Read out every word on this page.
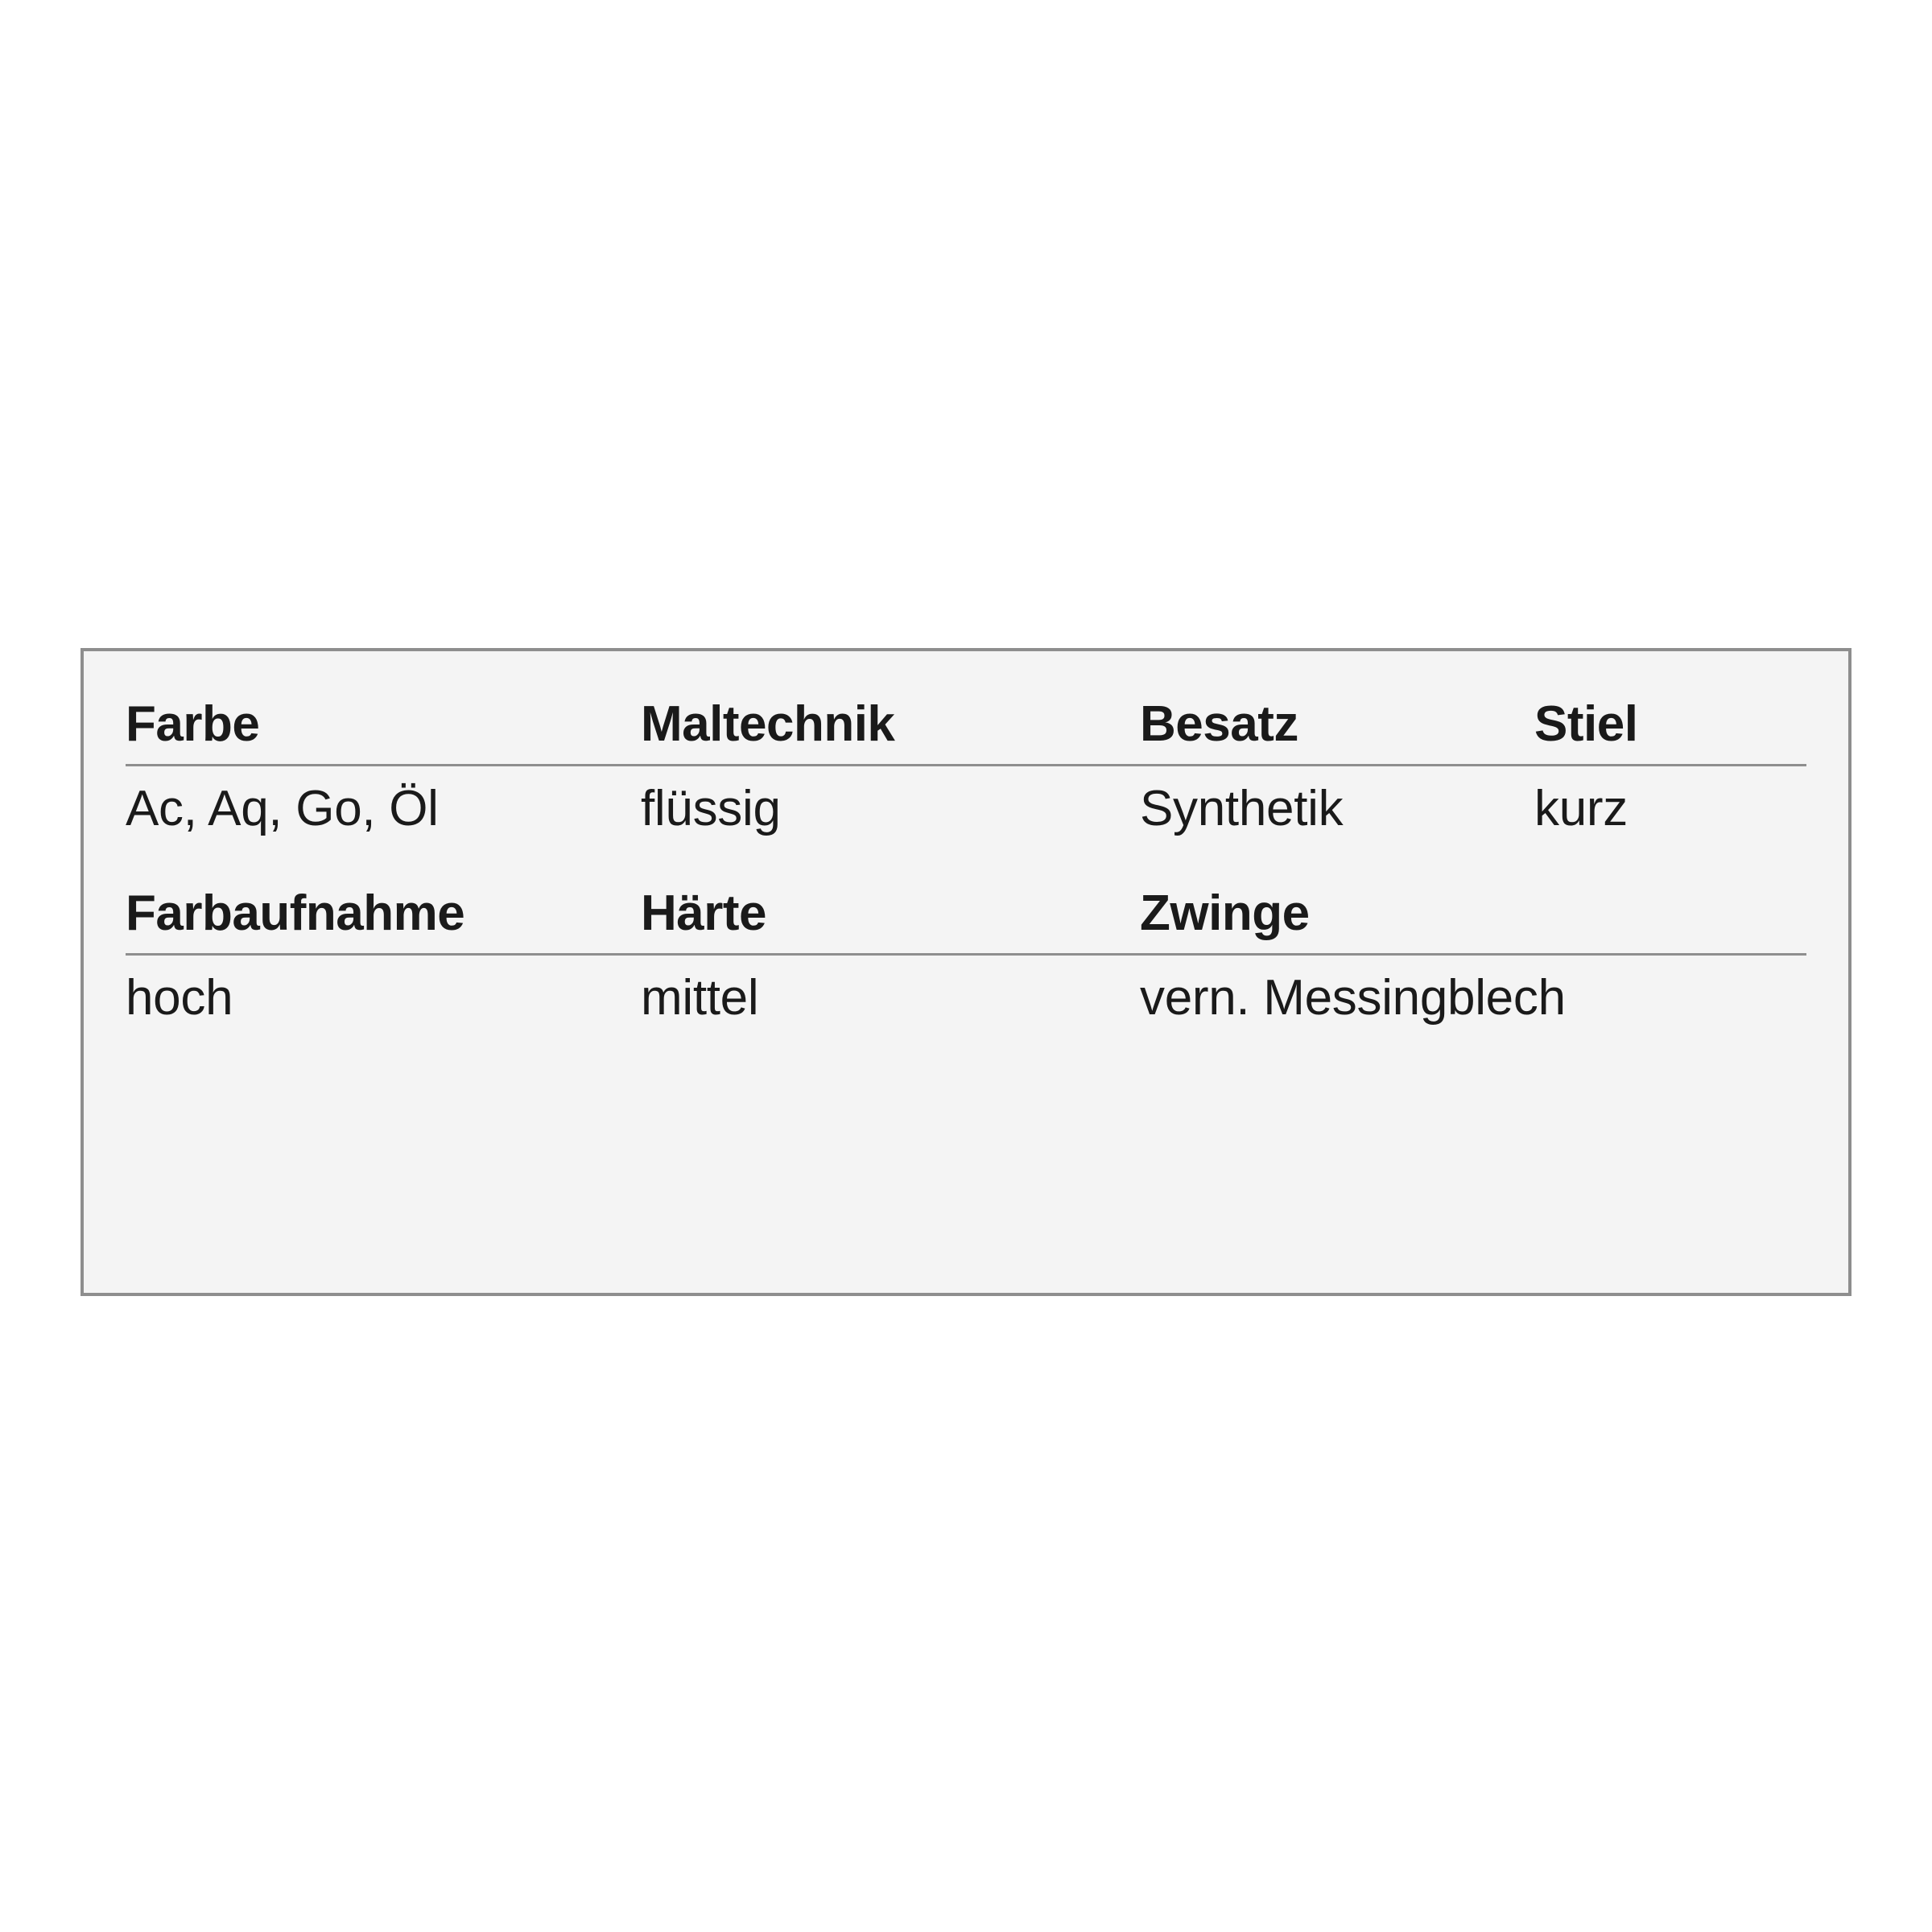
Farbe	Maltechnik	Besatz	Stiel
Ac, Aq, Go, Öl	flüssig	Synthetik	kurz
Farbaufnahme	Härte	Zwinge
hoch	mittel	vern. Messingblech
